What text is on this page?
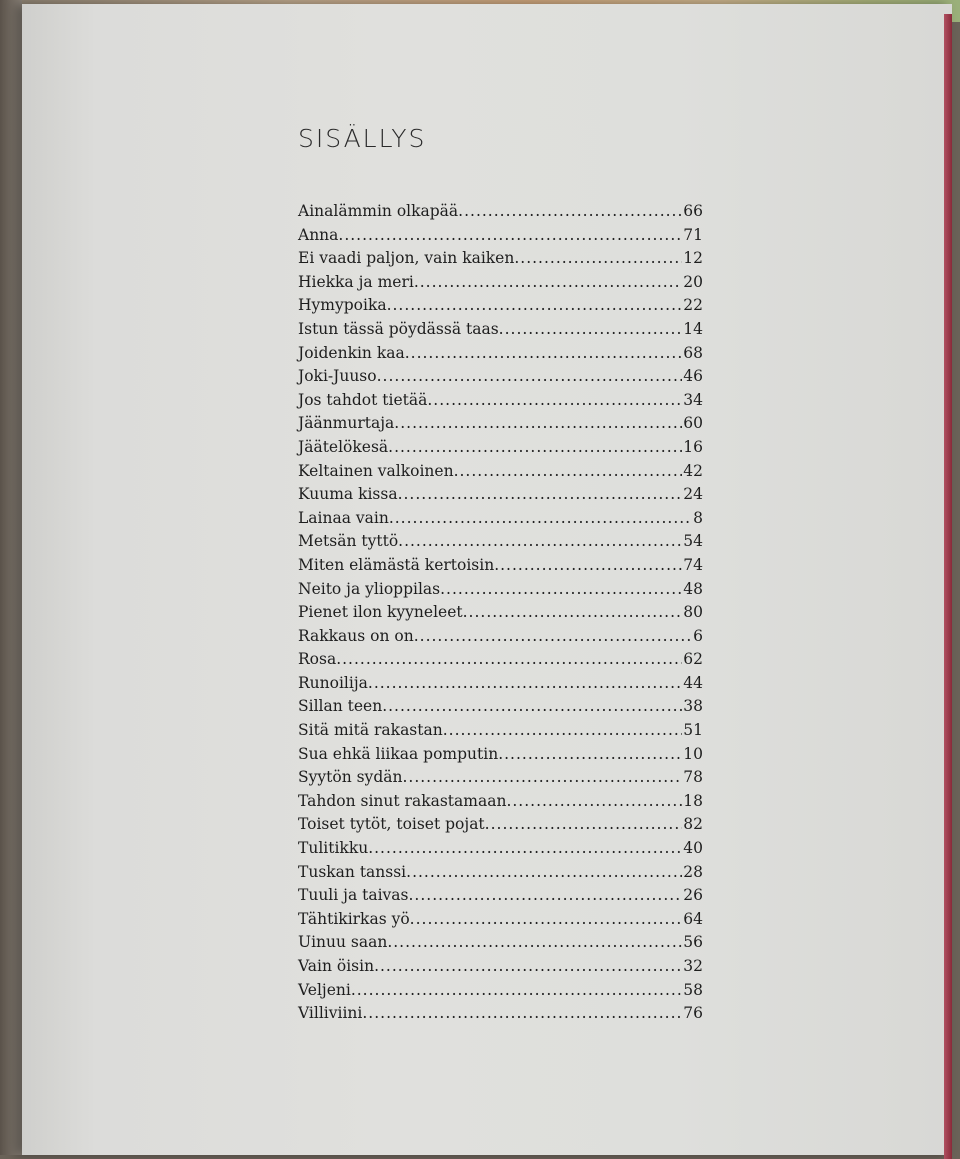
SISÄLLYS
Ainalämmin olkapää .....	66
Anna .....	71
Ei vaadi paljon, vain kaiken .....	12
Hiekka ja meri .....	20
Hymypoika .....	22
Istun tässä pöydässä taas .....	14
Joidenkin kaa .....	68
Joki-Juuso .....	46
Jos tahdot tietää .....	34
Jäänmurtaja .....	60
Jäätelökesä .....	16
Keltainen valkoinen .....	42
Kuuma kissa .....	24
Lainaa vain .....	8
Metsän tyttö .....	54
Miten elämästä kertoisin .....	74
Neito ja ylioppilas .....	48
Pienet ilon kyyneleet .....	80
Rakkaus on on .....	6
Rosa .....	62
Runoilija .....	44
Sillan teen .....	38
Sitä mitä rakastan .....	51
Sua ehkä liikaa pomputin .....	10
Syytön sydän .....	78
Tahdon sinut rakastamaan .....	18
Toiset tytöt, toiset pojat .....	82
Tulitikku .....	40
Tuskan tanssi .....	28
Tuuli ja taivas .....	26
Tähtikirkas yö .....	64
Uinuu saan .....	56
Vain öisin .....	32
Veljeni .....	58
Villiviini .....	76
